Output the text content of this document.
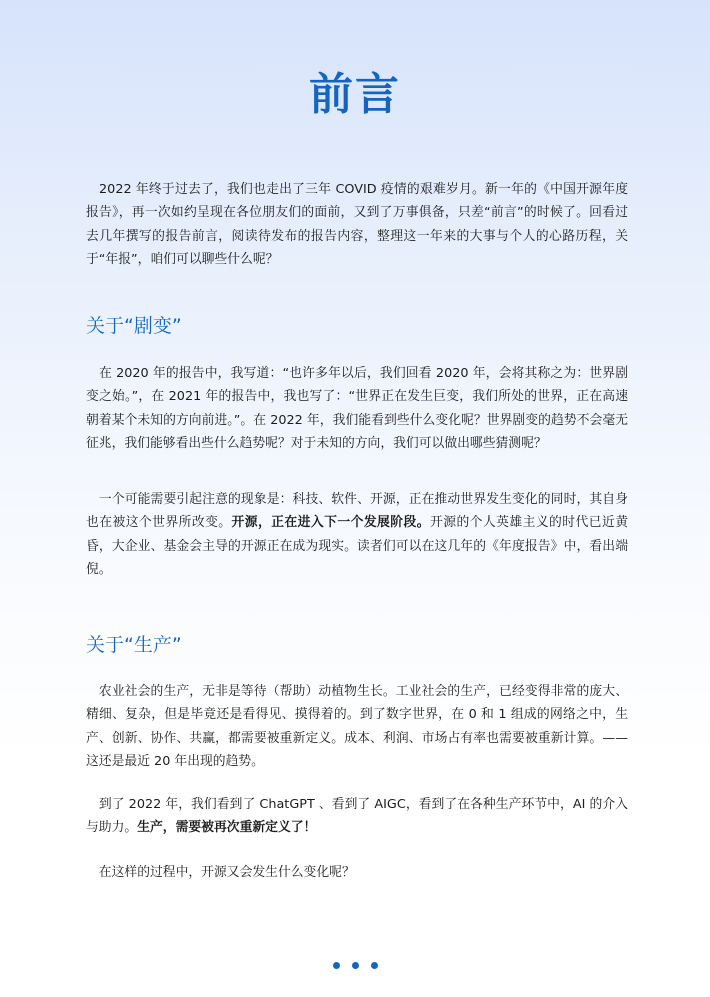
前言

　2022 年终于过去了，我们也走出了三年 COVID 疫情的艰难岁月。新一年的《中国开源年度报告》，再一次如约呈现在各位朋友们的面前，又到了万事俱备，只差“前言”的时候了。回看过去几年撰写的报告前言，阅读待发布的报告内容，整理这一年来的大事与个人的心路历程，关于“年报”，咱们可以聊些什么呢？

关于“剧变”

　在 2020 年的报告中，我写道：“也许多年以后，我们回看 2020 年，会将其称之为：世界剧变之始。”，在 2021 年的报告中，我也写了：“世界正在发生巨变，我们所处的世界，正在高速朝着某个未知的方向前进。”。在 2022 年，我们能看到些什么变化呢？世界剧变的趋势不会毫无征兆，我们能够看出些什么趋势呢？对于未知的方向，我们可以做出哪些猜测呢？

　一个可能需要引起注意的现象是：科技、软件、开源，正在推动世界发生变化的同时，其自身也在被这个世界所改变。开源，正在进入下一个发展阶段。开源的个人英雄主义的时代已近黄昏，大企业、基金会主导的开源正在成为现实。读者们可以在这几年的《年度报告》中，看出端倪。

关于“生产”

　农业社会的生产，无非是等待（帮助）动植物生长。工业社会的生产，已经变得非常的庞大、精细、复杂，但是毕竟还是看得见、摸得着的。到了数字世界，在 0 和 1 组成的网络之中，生产、创新、协作、共赢，都需要被重新定义。成本、利润、市场占有率也需要被重新计算。——这还是最近 20 年出现的趋势。

　到了 2022 年，我们看到了 ChatGPT 、看到了 AIGC，看到了在各种生产环节中，AI 的介入与助力。生产，需要被再次重新定义了！

　在这样的过程中，开源又会发生什么变化呢？
